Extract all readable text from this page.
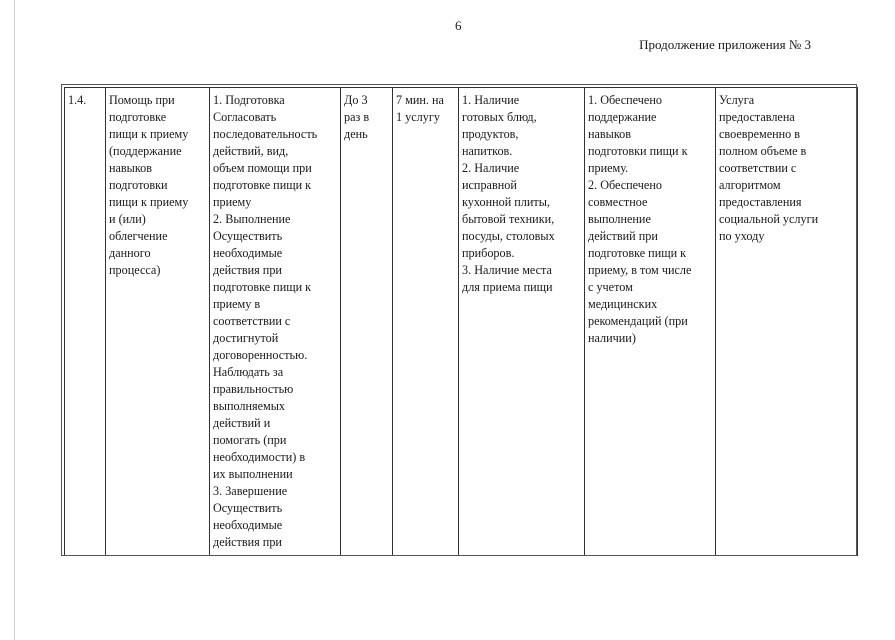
6
Продолжение приложения № 3
1.4.	Помощь при
подготовке
пищи к приему
(поддержание
навыков
подготовки
пищи к приему
и (или)
облегчение
данного
процесса)

1. Подготовка
Согласовать
последовательность
действий, вид,
объем помощи при
подготовке пищи к
приему
2. Выполнение
Осуществить
необходимые
действия при
подготовке пищи к
приему в
соответствии с
достигнутой
договоренностью.
Наблюдать за
правильностью
выполняемых
действий и
помогать (при
необходимости) в
их выполнении
3. Завершение
Осуществить
необходимые
действия при

До 3
раз в
день

7 мин. на
1 услугу

1. Наличие
готовых блюд,
продуктов,
напитков.
2. Наличие
исправной
кухонной плиты,
бытовой техники,
посуды, столовых
приборов.
3. Наличие места
для приема пищи

1. Обеспечено
поддержание
навыков
подготовки пищи к
приему.
2. Обеспечено
совместное
выполнение
действий при
подготовке пищи к
приему, в том числе
с учетом
медицинских
рекомендаций (при
наличии)

Услуга
предоставлена
своевременно в
полном объеме в
соответствии с
алгоритмом
предоставления
социальной услуги
по уходу
